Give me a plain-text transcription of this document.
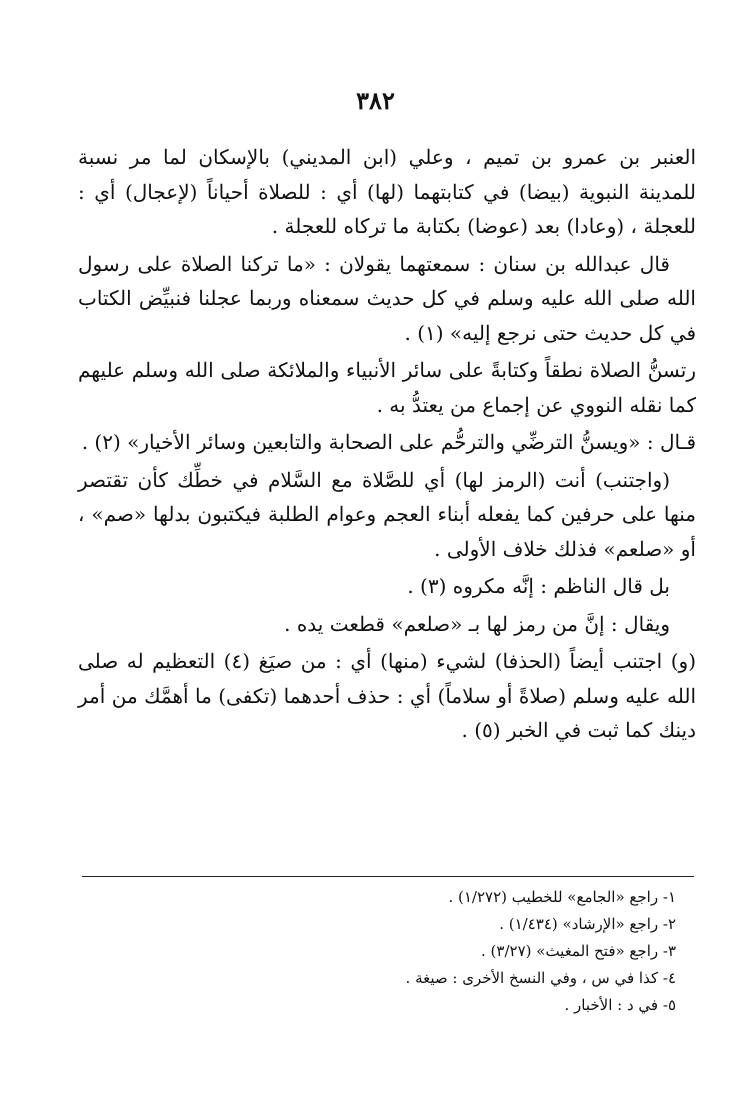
٣٨٢

العنبر بن عمرو بن تميم ، وعلي (ابن المديني) بالإسكان لما مر نسبة للمدينة النبوية (بيضا) في كتابتهما (لها) أي : للصلاة أحياناً (لإعجال) أي : للعجلة ، (وعادا) بعد (عوضا) بكتابة ما تركاه للعجلة .

قال عبدالله بن سنان : سمعتهما يقولان : «ما تركنا الصلاة على رسول الله صلى الله عليه وسلم في كل حديث سمعناه وربما عجلنا فنبيِّض الكتاب في كل حديث حتى نرجع إليه» (١) .

رتسنُّ الصلاة نطقاً وكتابةً على سائر الأنبياء والملائكة صلى الله وسلم عليهم كما نقله النووي عن إجماع من يعتدُّ به .

قـال : «ويسنُّ الترضِّي والترحُّم على الصحابة والتابعين وسائر الأخيار» (٢) .

(واجتنب) أنت (الرمز لها) أي للصَّلاة مع السَّلام في خطِّك كأن تقتصر منها على حرفين كما يفعله أبناء العجم وعوام الطلبة فيكتبون بدلها «صم» ، أو «صلعم» فذلك خلاف الأولى .

بل قال الناظم : إنَّه مكروه (٣) .

ويقال : إنَّ من رمز لها بـ «صلعم» قطعت يده .

(و) اجتنب أيضاً (الحذفا) لشيء (منها) أي : من صيَغ (٤) التعظيم له صلى الله عليه وسلم (صلاةً أو سلاماً) أي : حذف أحدهما (تكفى) ما أهمَّك من أمر دينك كما ثبت في الخبر (٥) .

١- راجع «الجامع» للخطيب (١/٢٧٢) .
٢- راجع «الإرشاد» (١/٤٣٤) .
٣- راجع «فتح المغيث» (٣/٢٧) .
٤- كذا في س ، وفي النسخ الأخرى : صيغة .
٥- في د : الأخبار .
